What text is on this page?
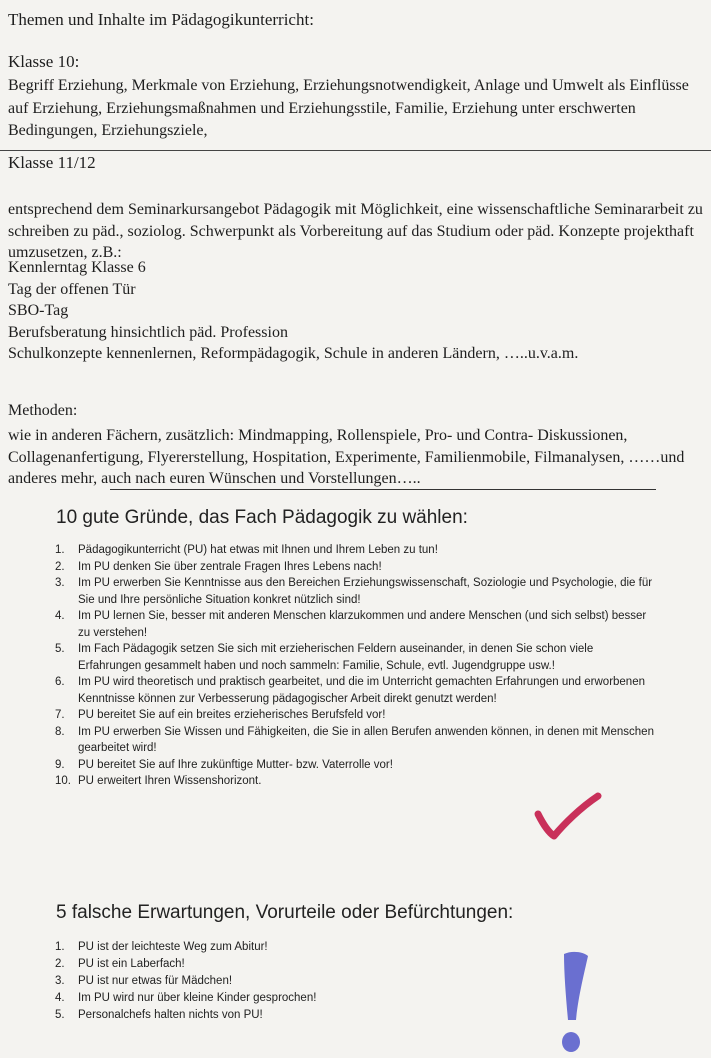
Themen und Inhalte im Pädagogikunterricht:
Klasse 10:
Begriff Erziehung, Merkmale von Erziehung, Erziehungsnotwendigkeit, Anlage und Umwelt als Einflüsse auf Erziehung, Erziehungsmaßnahmen und Erziehungsstile, Familie, Erziehung unter erschwerten Bedingungen, Erziehungsziele,
Klasse 11/12
entsprechend dem Seminarkursangebot Pädagogik mit Möglichkeit, eine wissenschaftliche Seminararbeit zu schreiben zu päd., soziolog. Schwerpunkt als Vorbereitung auf das Studium oder päd. Konzepte projekthaft umzusetzen, z.B.:
Kennlerntag Klasse 6
Tag der offenen Tür
SBO-Tag
Berufsberatung hinsichtlich päd. Profession
Schulkonzepte kennenlernen, Reformpädagogik, Schule in anderen Ländern, …..u.v.a.m.
Methoden:
wie in anderen Fächern, zusätzlich: Mindmapping, Rollenspiele, Pro- und Contra- Diskussionen, Collagenanfertigung, Flyererstellung, Hospitation, Experimente, Familienmobile, Filmanalysen, ……und anderes mehr, auch nach euren Wünschen und Vorstellungen…..
10 gute Gründe, das Fach Pädagogik zu wählen:
1. Pädagogikunterricht (PU) hat etwas mit Ihnen und Ihrem Leben zu tun!
2. Im PU denken Sie über zentrale Fragen Ihres Lebens nach!
3. Im PU erwerben Sie Kenntnisse aus den Bereichen Erziehungswissenschaft, Soziologie und Psychologie, die für Sie und Ihre persönliche Situation konkret nützlich sind!
4. Im PU lernen Sie, besser mit anderen Menschen klarzukommen und andere Menschen (und sich selbst) besser zu verstehen!
5. Im Fach Pädagogik setzen Sie sich mit erzieherischen Feldern auseinander, in denen Sie schon viele Erfahrungen gesammelt haben und noch sammeln: Familie, Schule, evtl. Jugendgruppe usw.!
6. Im PU wird theoretisch und praktisch gearbeitet, und die im Unterricht gemachten Erfahrungen und erworbenen Kenntnisse können zur Verbesserung pädagogischer Arbeit direkt genutzt werden!
7. PU bereitet Sie auf ein breites erzieherisches Berufsfeld vor!
8. Im PU erwerben Sie Wissen und Fähigkeiten, die Sie in allen Berufen anwenden können, in denen mit Menschen gearbeitet wird!
9. PU bereitet Sie auf Ihre zukünftige Mutter- bzw. Vaterrolle vor!
10. PU erweitert Ihren Wissenshorizont.
5 falsche Erwartungen, Vorurteile oder Befürchtungen:
1. PU ist der leichteste Weg zum Abitur!
2. PU ist ein Laberfach!
3. PU ist nur etwas für Mädchen!
4. Im PU wird nur über kleine Kinder gesprochen!
5. Personalchefs halten nichts von PU!
